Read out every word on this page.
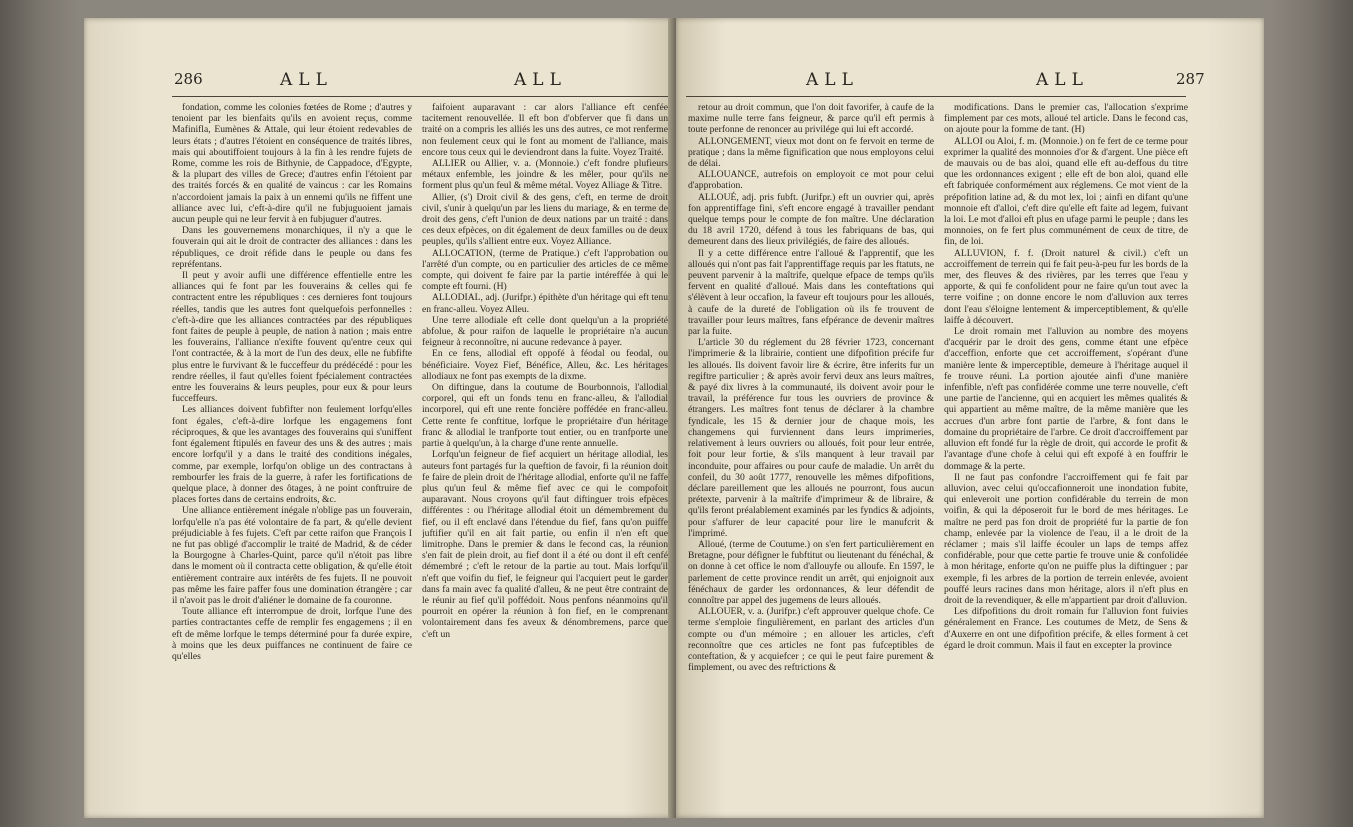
286	ALL	ALL

fondation, comme les colonies fœtées de Rome ; d'autres y tenoient par les bienfaits qu'ils en avoient reçus, comme Mafinifla, Eumènes & Attale, qui leur étoient redevables de leurs états ; d'autres l'étoient en conséquence de traités libres, mais qui aboutiffoient toujours à la fin à les rendre fujets de Rome, comme les rois de Bithynie, de Cappadoce, d'Egypte, & la plupart des villes de Grece; d'autres enfin l'étoient par des traités forcés & en qualité de vaincus : car les Romains n'accordoient jamais la paix à un ennemi qu'ils ne fiffent une alliance avec lui, c'eft-à-dire qu'il ne fubjuguoient jamais aucun peuple qui ne leur fervit à en fubjuguer d'autres.

Dans les gouvernemens monarchiques, il n'y a que le fouverain qui ait le droit de contracter des alliances : dans les républiques, ce droit réfide dans le peuple ou dans fes repréfentans.

Il peut y avoir aufli une différence effentielle entre les alliances qui fe font par les fouverains & celles qui fe contractent entre les républiques : ces dernieres font toujours réelles, tandis que les autres font quelquefois perfonnelles : c'eft-à-dire que les alliances contractées par des républiques font faites de peuple à peuple, de nation à nation ; mais entre les fouverains, l'alliance n'exifte fouvent qu'entre ceux qui l'ont contractée, & à la mort de l'un des deux, elle ne fubfifte plus entre le furvivant & le fucceffeur du prédécédé : pour les rendre réelles, il faut qu'elles foient fpécialement contractées entre les fouverains & leurs peuples, pour eux & pour leurs fucceffeurs.

Les alliances doivent fubfifter non feulement lorfqu'elles font égales, c'eft-à-dire lorfque les engagemens font réciproques, & que les avantages des fouverains qui s'uniffent font également ftipulés en faveur des uns & des autres ; mais encore lorfqu'il y a dans le traité des conditions inégales, comme, par exemple, lorfqu'on oblige un des contractans à rembourfer les frais de la guerre, à rafer les fortifications de quelque place, à donner des ôtages, à ne point conftruire de places fortes dans de certains endroits, &c.

Une alliance entièrement inégale n'oblige pas un fouverain, lorfqu'elle n'a pas été volontaire de fa part, & qu'elle devient préjudiciable à fes fujets. C'eft par cette raifon que François I ne fut pas obligé d'accomplir le traité de Madrid, & de céder la Bourgogne à Charles-Quint, parce qu'il n'étoit pas libre dans le moment où il contracta cette obligation, & qu'elle étoit entièrement contraire aux intérêts de fes fujets. Il ne pouvoit pas même les faire paffer fous une domination étrangère ; car il n'avoit pas le droit d'aliéner le domaine de fa couronne.

Toute alliance eft interrompue de droit, lorfque l'une des parties contractantes ceffe de remplir fes engagemens ; il en eft de même lorfque le temps déterminé pour fa durée expire, à moins que les deux puiffances ne continuent de faire ce qu'elles

faifoient auparavant : car alors l'alliance eft cenfée tacitement renouvellée. Il eft bon d'obferver que fi dans un traité on a compris les alliés les uns des autres, ce mot renferme non feulement ceux qui le font au moment de l'alliance, mais encore tous ceux qui le deviendront dans la fuite. Voyez Traité.

ALLIER ou Allier, v. a. (Monnoie.) c'eft fondre plufieurs métaux enfemble, les joindre & les mêler, pour qu'ils ne forment plus qu'un feul & même métal. Voyez Alliage & Titre.

Allier, (s') Droit civil & des gens, c'eft, en terme de droit civil, s'unir à quelqu'un par les liens du mariage, & en terme de droit des gens, c'eft l'union de deux nations par un traité : dans ces deux efpèces, on dit également de deux familles ou de deux peuples, qu'ils s'allient entre eux. Voyez Alliance.

ALLOCATION, (terme de Pratique.) c'eft l'approbation ou l'arrêté d'un compte, ou en particulier des articles de ce même compte, qui doivent fe faire par la partie intéreffée à qui le compte eft fourni. (H)

ALLODIAL, adj. (Jurifpr.) épithète d'un héritage qui eft tenu en franc-alleu. Voyez Alleu.

Une terre allodiale eft celle dont quelqu'un a la propriété abfolue, & pour raifon de laquelle le propriétaire n'a aucun feigneur à reconnoître, ni aucune redevance à payer.

En ce fens, allodial eft oppofé à féodal ou feodal, ou bénéficiaire. Voyez Fief, Bénéfice, Alleu, &c. Les héritages allodiaux ne font pas exempts de la dixme.

On diftingue, dans la coutume de Bourbonnois, l'allodial corporel, qui eft un fonds tenu en franc-alleu, & l'allodial incorporel, qui eft une rente foncière poffédée en franc-alleu. Cette rente fe conftitue, lorfque le propriétaire d'un héritage franc & allodial le tranfporte tout entier, ou en tranfporte une partie à quelqu'un, à la charge d'une rente annuelle.

Lorfqu'un feigneur de fief acquiert un héritage allodial, les auteurs font partagés fur la queftion de favoir, fi la réunion doit fe faire de plein droit de l'héritage allodial, enforte qu'il ne faffe plus qu'un feul & même fief avec ce qui le compofoit auparavant. Nous croyons qu'il faut diftinguer trois efpèces différentes : ou l'héritage allodial étoit un démembrement du fief, ou il eft enclavé dans l'étendue du fief, fans qu'on puiffe juftifier qu'il en ait fait partie, ou enfin il n'en eft que limitrophe. Dans le premier & dans le fecond cas, la réunion s'en fait de plein droit, au fief dont il a été ou dont il eft cenfé démembré ; c'eft le retour de la partie au tout. Mais lorfqu'il n'eft que voifin du fief, le feigneur qui l'acquiert peut le garder dans fa main avec fa qualité d'alleu, & ne peut être contraint de le réunir au fief qu'il poffédoit. Nous penfons néanmoins qu'il pourroit en opérer la réunion à fon fief, en le comprenant volontairement dans fes aveux & dénombremens, parce que c'eft un

ALL	ALL	287

retour au droit commun, que l'on doit favorifer, à caufe de la maxime nulle terre fans feigneur, & parce qu'il eft permis à toute perfonne de renoncer au privilége qui lui eft accordé.

ALLONGEMENT, vieux mot dont on fe fervoit en terme de pratique ; dans la même fignification que nous employons celui de délai.

ALLOUANCE, autrefois on employoit ce mot pour celui d'approbation.

ALLOUÉ, adj. pris fubft. (Jurifpr.) eft un ouvrier qui, après fon apprentiffage fini, s'eft encore engagé à travailler pendant quelque temps pour le compte de fon maître. Une déclaration du 18 avril 1720, défend à tous les fabriquans de bas, qui demeurent dans des lieux privilégiés, de faire des alloués.

Il y a cette différence entre l'alloué & l'apprentif, que les alloués qui n'ont pas fait l'apprentiffage requis par les ftatuts, ne peuvent parvenir à la maîtrife, quelque efpace de temps qu'ils fervent en qualité d'alloué. Mais dans les conteftations qui s'élèvent à leur occafion, la faveur eft toujours pour les alloués, à caufe de la dureté de l'obligation où ils fe trouvent de travailler pour leurs maîtres, fans efpérance de devenir maîtres par la fuite.

L'article 30 du réglement du 28 février 1723, concernant l'imprimerie & la librairie, contient une difpofition précife fur les alloués. Ils doivent favoir lire & écrire, être inferits fur un regiftre particulier ; & après avoir fervi deux ans leurs maîtres, & payé dix livres à la communauté, ils doivent avoir pour le travail, la préférence fur tous les ouvriers de province & étrangers. Les maîtres font tenus de déclarer à la chambre fyndicale, les 15 & dernier jour de chaque mois, les changemens qui furviennent dans leurs imprimeries, relativement à leurs ouvriers ou alloués, foit pour leur entrée, foit pour leur fortie, & s'ils manquent à leur travail par inconduite, pour affaires ou pour caufe de maladie. Un arrêt du confeil, du 30 août 1777, renouvelle les mêmes difpofitions, déclare pareillement que les alloués ne pourront, fous aucun prétexte, parvenir à la maîtrife d'imprimeur & de libraire, & qu'ils feront préalablement examinés par les fyndics & adjoints, pour s'affurer de leur capacité pour lire le manufcrit & l'imprimé.

Alloué, (terme de Coutume.) on s'en fert particulièrement en Bretagne, pour défigner le fubftitut ou lieutenant du fénéchal, & on donne à cet office le nom d'allouyfe ou alloufe. En 1597, le parlement de cette province rendit un arrêt, qui enjoignoit aux fénéchaux de garder les ordonnances, & leur défendit de connoître par appel des jugemens de leurs alloués.

ALLOUER, v. a. (Jurifpr.) c'eft approuver quelque chofe. Ce terme s'emploie fingulièrement, en parlant des articles d'un compte ou d'un mémoire ; en allouer les articles, c'eft reconnoître que ces articles ne font pas fufceptibles de conteftation, & y acquiefcer ; ce qui le peut faire purement & fimplement, ou avec des reftrictions &

modifications. Dans le premier cas, l'allocation s'exprime fimplement par ces mots, alloué tel article. Dans le fecond cas, on ajoute pour la fomme de tant. (H)

ALLOI ou Aloi, f. m. (Monnoie.) on fe fert de ce terme pour exprimer la qualité des monnoies d'or & d'argent. Une pièce eft de mauvais ou de bas aloi, quand elle eft au-deffous du titre que les ordonnances exigent ; elle eft de bon aloi, quand elle eft fabriquée conformément aux réglemens. Ce mot vient de la prépofition latine ad, & du mot lex, loi ; ainfi en difant qu'une monnoie eft d'alloi, c'eft dire qu'elle eft faite ad legem, fuivant la loi. Le mot d'alloi eft plus en ufage parmi le peuple ; dans les monnoies, on fe fert plus communément de ceux de titre, de fin, de loi.

ALLUVION, f. f. (Droit naturel & civil.) c'eft un accroiffement de terrein qui fe fait peu-à-peu fur les bords de la mer, des fleuves & des rivières, par les terres que l'eau y apporte, & qui fe confolident pour ne faire qu'un tout avec la terre voifine ; on donne encore le nom d'alluvion aux terres dont l'eau s'éloigne lentement & imperceptiblement, & qu'elle laiffe à découvert.

Le droit romain met l'alluvion au nombre des moyens d'acquérir par le droit des gens, comme étant une efpèce d'acceffion, enforte que cet accroiffement, s'opérant d'une manière lente & imperceptible, demeure à l'héritage auquel il fe trouve réuni. La portion ajoutée ainfi d'une manière infenfible, n'eft pas confidérée comme une terre nouvelle, c'eft une partie de l'ancienne, qui en acquiert les mêmes qualités & qui appartient au même maître, de la même manière que les accrues d'un arbre font partie de l'arbre, & font dans le domaine du propriétaire de l'arbre. Ce droit d'accroiffement par alluvion eft fondé fur la règle de droit, qui accorde le profit & l'avantage d'une chofe à celui qui eft expofé à en fouffrir le dommage & la perte.

Il ne faut pas confondre l'accroiffement qui fe fait par alluvion, avec celui qu'occafionneroit une inondation fubite, qui enleveroit une portion confidérable du terrein de mon voifin, & qui la déposeroit fur le bord de mes héritages. Le maître ne perd pas fon droit de propriété fur la partie de fon champ, enlevée par la violence de l'eau, il a le droit de la réclamer ; mais s'il laiffe écouler un laps de temps affez confidérable, pour que cette partie fe trouve unie & confolidée à mon héritage, enforte qu'on ne puiffe plus la diftinguer ; par exemple, fi les arbres de la portion de terrein enlevée, avoient pouffé leurs racines dans mon héritage, alors il n'eft plus en droit de la revendiquer, & elle m'appartient par droit d'alluvion.

Les difpofitions du droit romain fur l'alluvion font fuivies généralement en France. Les coutumes de Metz, de Sens & d'Auxerre en ont une difpofition précife, & elles forment à cet égard le droit commun. Mais il faut en excepter la province
